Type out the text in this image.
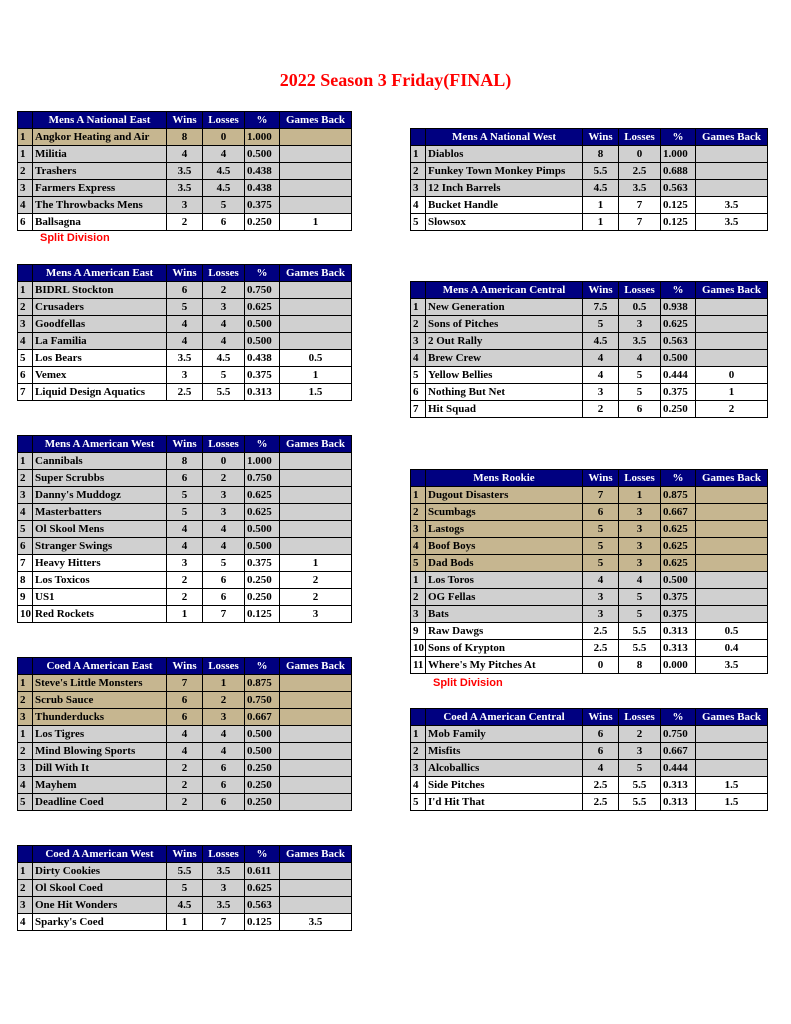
2022 Season 3 Friday(FINAL)
	Mens A National East	Wins	Losses	%	Games Back
1	Angkor Heating and Air	8	0	1.000	
1	Militia	4	4	0.500	
2	Trashers	3.5	4.5	0.438	
3	Farmers Express	3.5	4.5	0.438	
4	The Throwbacks Mens	3	5	0.375	
6	Ballsagna	2	6	0.250	1
Split Division
	Mens A American East	Wins	Losses	%	Games Back
1	BIDRL Stockton	6	2	0.750	
2	Crusaders	5	3	0.625	
3	Goodfellas	4	4	0.500	
4	La Familia	4	4	0.500	
5	Los Bears	3.5	4.5	0.438	0.5
6	Vemex	3	5	0.375	1
7	Liquid Design Aquatics	2.5	5.5	0.313	1.5
	Mens A American West	Wins	Losses	%	Games Back
1	Cannibals	8	0	1.000	
2	Super Scrubbs	6	2	0.750	
3	Danny's Muddogz	5	3	0.625	
4	Masterbatters	5	3	0.625	
5	Ol Skool Mens	4	4	0.500	
6	Stranger Swings	4	4	0.500	
7	Heavy Hitters	3	5	0.375	1
8	Los Toxicos	2	6	0.250	2
9	US1	2	6	0.250	2
10	Red Rockets	1	7	0.125	3
	Coed A American East	Wins	Losses	%	Games Back
1	Steve's Little Monsters	7	1	0.875	
2	Scrub Sauce	6	2	0.750	
3	Thunderducks	6	3	0.667	
1	Los Tigres	4	4	0.500	
2	Mind Blowing Sports	4	4	0.500	
3	Dill With It	2	6	0.250	
4	Mayhem	2	6	0.250	
5	Deadline Coed	2	6	0.250	
	Coed A American West	Wins	Losses	%	Games Back
1	Dirty Cookies	5.5	3.5	0.611	
2	Ol Skool Coed	5	3	0.625	
3	One Hit Wonders	4.5	3.5	0.563	
4	Sparky's Coed	1	7	0.125	3.5
	Mens A National West	Wins	Losses	%	Games Back
1	Diablos	8	0	1.000	
2	Funkey Town Monkey Pimps	5.5	2.5	0.688	
3	12 Inch Barrels	4.5	3.5	0.563	
4	Bucket Handle	1	7	0.125	3.5
5	Slowsox	1	7	0.125	3.5
	Mens A American Central	Wins	Losses	%	Games Back
1	New Generation	7.5	0.5	0.938	
2	Sons of Pitches	5	3	0.625	
3	2 Out Rally	4.5	3.5	0.563	
4	Brew Crew	4	4	0.500	
5	Yellow Bellies	4	5	0.444	0
6	Nothing But Net	3	5	0.375	1
7	Hit Squad	2	6	0.250	2
	Mens Rookie	Wins	Losses	%	Games Back
1	Dugout Disasters	7	1	0.875	
2	Scumbags	6	3	0.667	
3	Lastogs	5	3	0.625	
4	Boof Boys	5	3	0.625	
5	Dad Bods	5	3	0.625	
1	Los Toros	4	4	0.500	
2	OG Fellas	3	5	0.375	
3	Bats	3	5	0.375	
9	Raw Dawgs	2.5	5.5	0.313	0.5
10	Sons of Krypton	2.5	5.5	0.313	0.4
11	Where's My Pitches At	0	8	0.000	3.5
Split Division
	Coed A American Central	Wins	Losses	%	Games Back
1	Mob Family	6	2	0.750	
2	Misfits	6	3	0.667	
3	Alcoballics	4	5	0.444	
4	Side Pitches	2.5	5.5	0.313	1.5
5	I'd Hit That	2.5	5.5	0.313	1.5
